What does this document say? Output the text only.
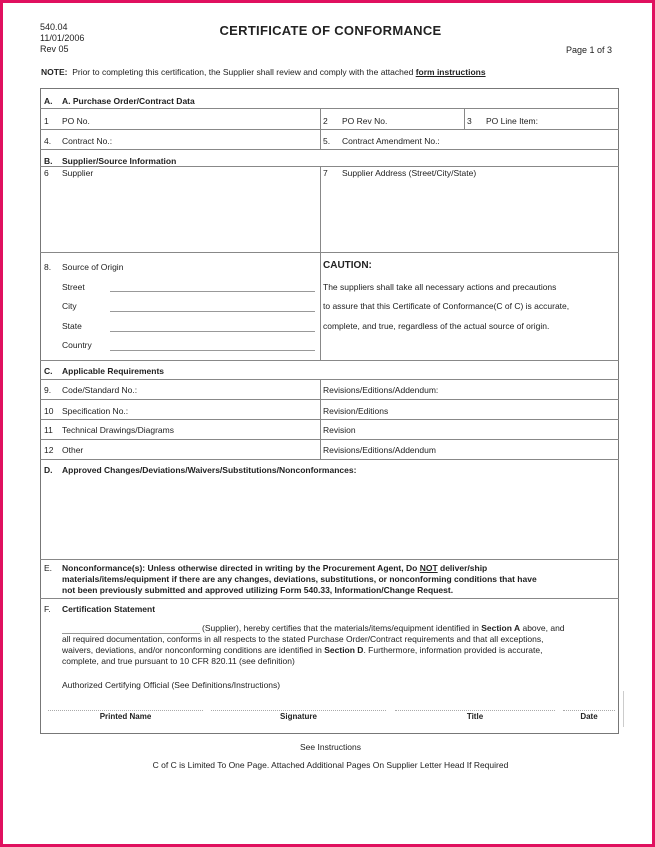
540.04
11/01/2006
Rev 05
CERTIFICATE OF CONFORMANCE
Page 1 of 3
NOTE: Prior to completing this certification, the Supplier shall review and comply with the attached form instructions
A. A. Purchase Order/Contract Data
1 PO No.	2 PO Rev No.	3 PO Line Item:
4. Contract No.:	5. Contract Amendment No.:
B. Supplier/Source Information
6 Supplier	7 Supplier Address (Street/City/State)
8. Source of Origin
Street
City
State
Country
CAUTION:
The suppliers shall take all necessary actions and precautions
to assure that this Certificate of Conformance(C of C) is accurate,
complete, and true, regardless of the actual source of origin.
C. Applicable Requirements
9. Code/Standard No.:	Revisions/Editions/Addendum:
10 Specification No.:	Revision/Editions
11 Technical Drawings/Diagrams	Revision
12 Other	Revisions/Editions/Addendum
D. Approved Changes/Deviations/Waivers/Substitutions/Nonconformances:
E. Nonconformance(s): Unless otherwise directed in writing by the Procurement Agent, Do NOT deliver/ship
materials/items/equipment if there are any changes, deviations, substitutions, or nonconforming conditions that have
not been previously submitted and approved utilizing Form 540.33, Information/Change Request.
F. Certification Statement
(Supplier), hereby certifies that the materials/items/equipment identified in Section A above, and
all required documentation, conforms in all respects to the stated Purchase Order/Contract requirements and that all exceptions,
waivers, deviations, and/or nonconforming conditions are identified in Section D. Furthermore, information provided is accurate,
complete, and true pursuant to 10 CFR 820.11 (see definition)
Authorized Certifying Official (See Definitions/Instructions)
Printed Name	Signature	Title	Date
See Instructions
C of C is Limited To One Page. Attached Additional Pages On Supplier Letter Head If Required
